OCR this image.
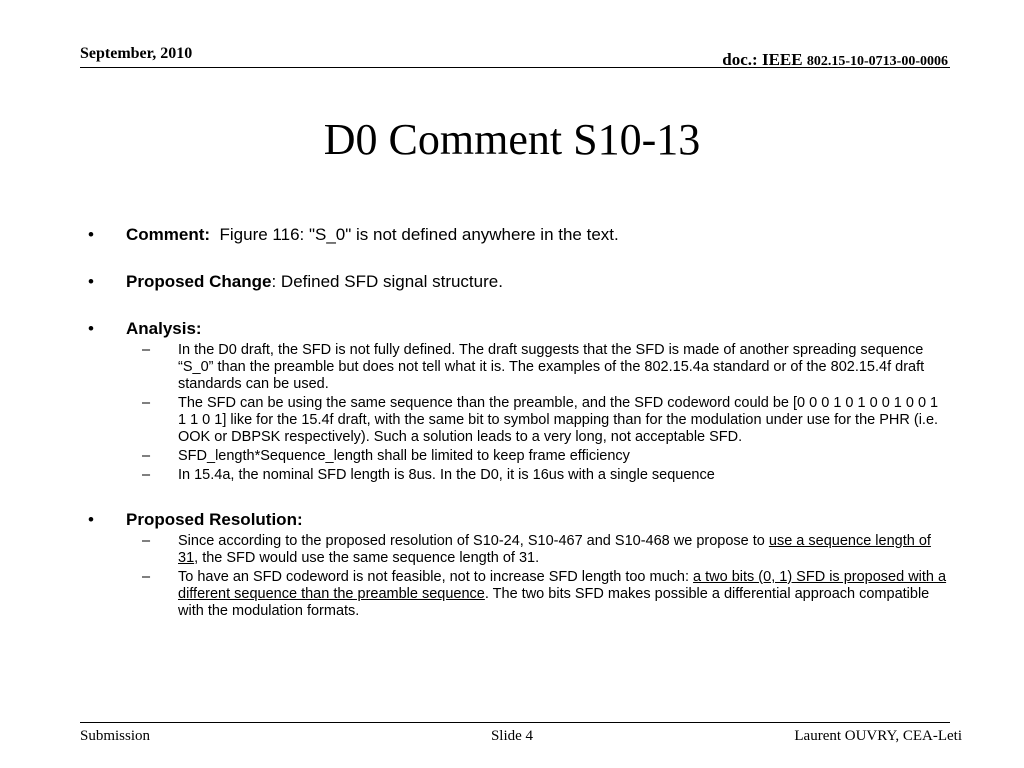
September, 2010	doc.: IEEE 802.15-10-0713-00-0006
D0 Comment S10-13
• Comment: Figure 116: "S_0" is not defined anywhere in the text.
• Proposed Change: Defined SFD signal structure.
• Analysis:
– In the D0 draft, the SFD is not fully defined. The draft suggests that the SFD is made of another spreading sequence “S_0” than the preamble but does not tell what it is. The examples of the 802.15.4a standard or of the 802.15.4f draft standards can be used.
– The SFD can be using the same sequence than the preamble, and the SFD codeword could be [0 0 0 1 0 1 0 0 1 0 0 1 1 1 0 1] like for the 15.4f draft, with the same bit to symbol mapping than for the modulation under use for the PHR (i.e. OOK or DBPSK respectively). Such a solution leads to a very long, not acceptable SFD.
– SFD_length*Sequence_length shall be limited to keep frame efficiency
– In 15.4a, the nominal SFD length is 8us. In the D0, it is 16us with a single sequence
• Proposed Resolution:
– Since according to the proposed resolution of S10-24, S10-467 and S10-468 we propose to use a sequence length of 31, the SFD would use the same sequence length of 31.
– To have an SFD codeword is not feasible, not to increase SFD length too much: a two bits (0, 1) SFD is proposed with a different sequence than the preamble sequence. The two bits SFD makes possible a differential approach compatible with the modulation formats.
Submission	Slide 4	Laurent OUVRY, CEA-Leti
